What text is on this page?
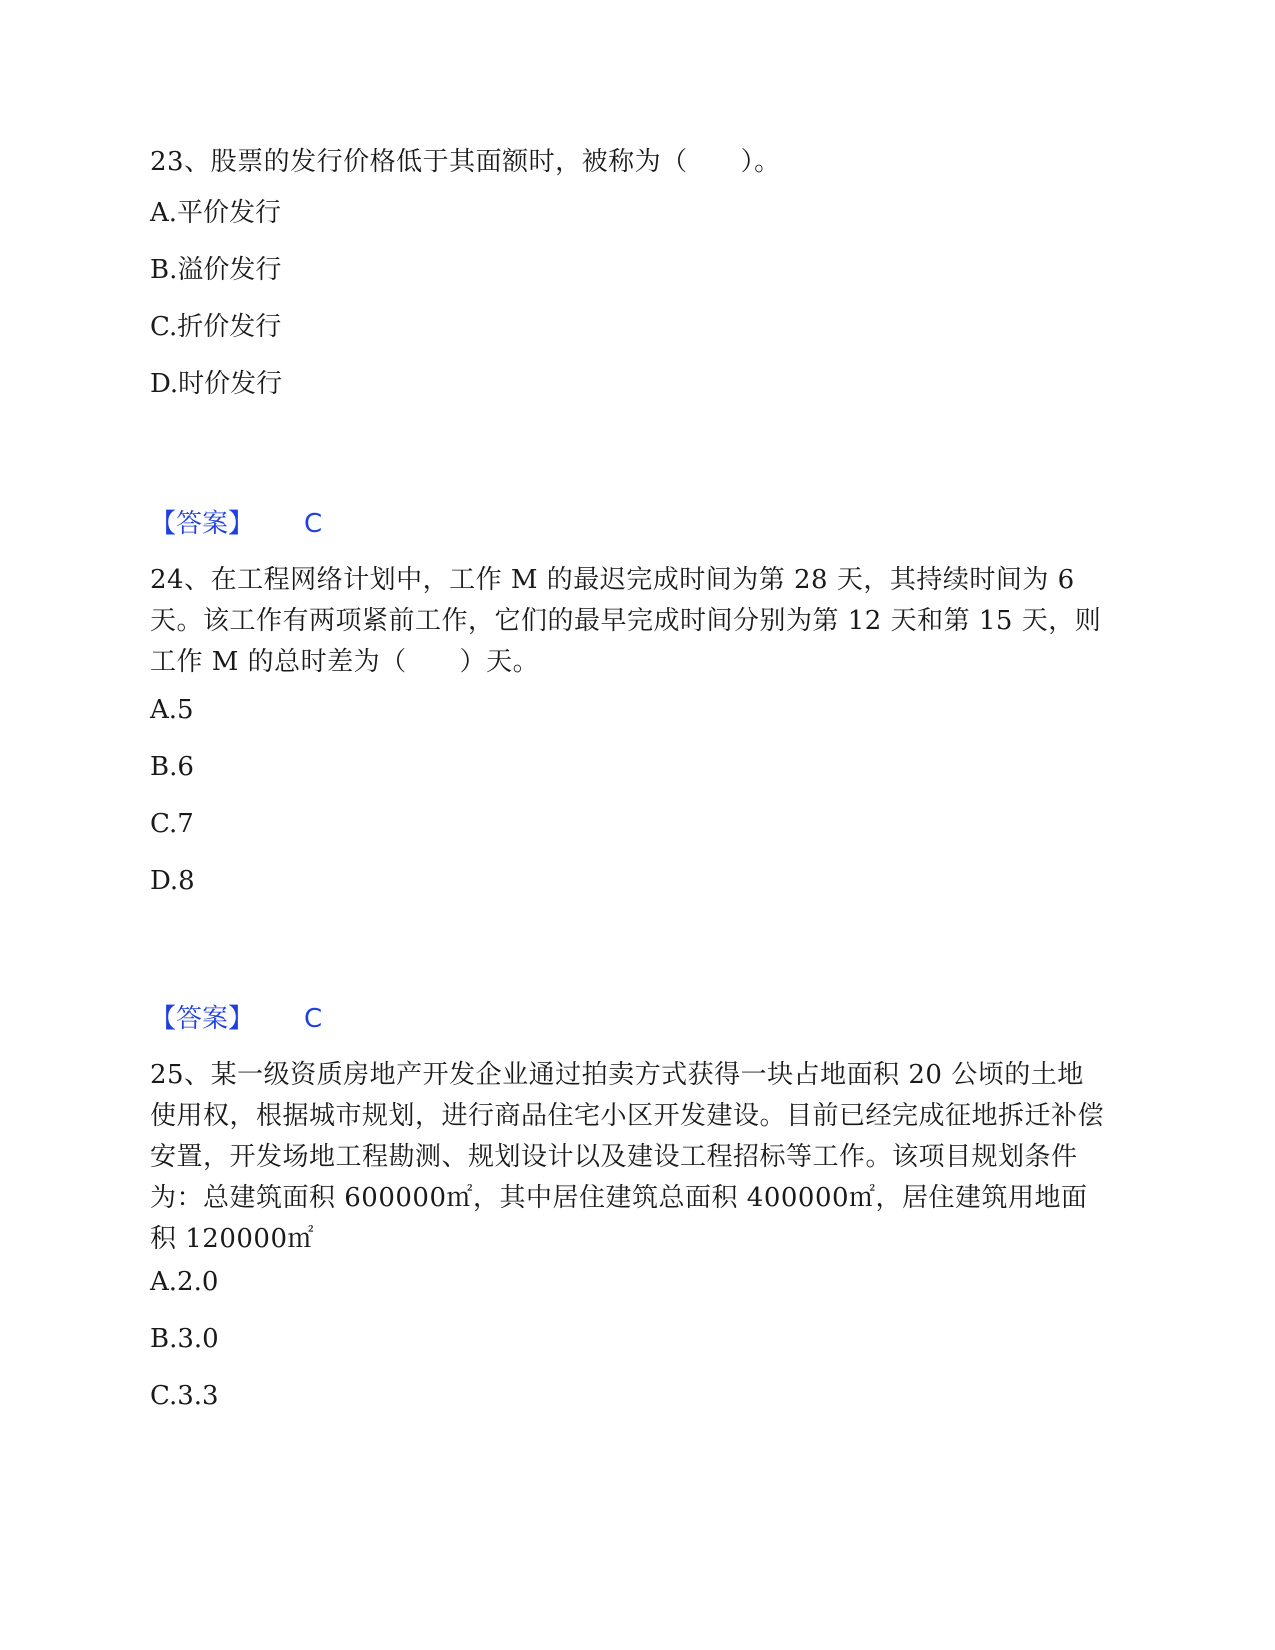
23、股票的发行价格低于其面额时，被称为（　　）。

A.平价发行

B.溢价发行

C.折价发行

D.时价发行

【答案】 C

24、在工程网络计划中，工作 M 的最迟完成时间为第 28 天，其持续时间为 6 天。该工作有两项紧前工作，它们的最早完成时间分别为第 12 天和第 15 天，则工作 M 的总时差为（　　）天。

A.5

B.6

C.7

D.8

【答案】 C

25、某一级资质房地产开发企业通过拍卖方式获得一块占地面积 20 公顷的土地使用权，根据城市规划，进行商品住宅小区开发建设。目前已经完成征地拆迁补偿安置，开发场地工程勘测、规划设计以及建设工程招标等工作。该项目规划条件为：总建筑面积 600000㎡，其中居住建筑总面积 400000㎡，居住建筑用地面积 120000㎡

A.2.0

B.3.0

C.3.3
